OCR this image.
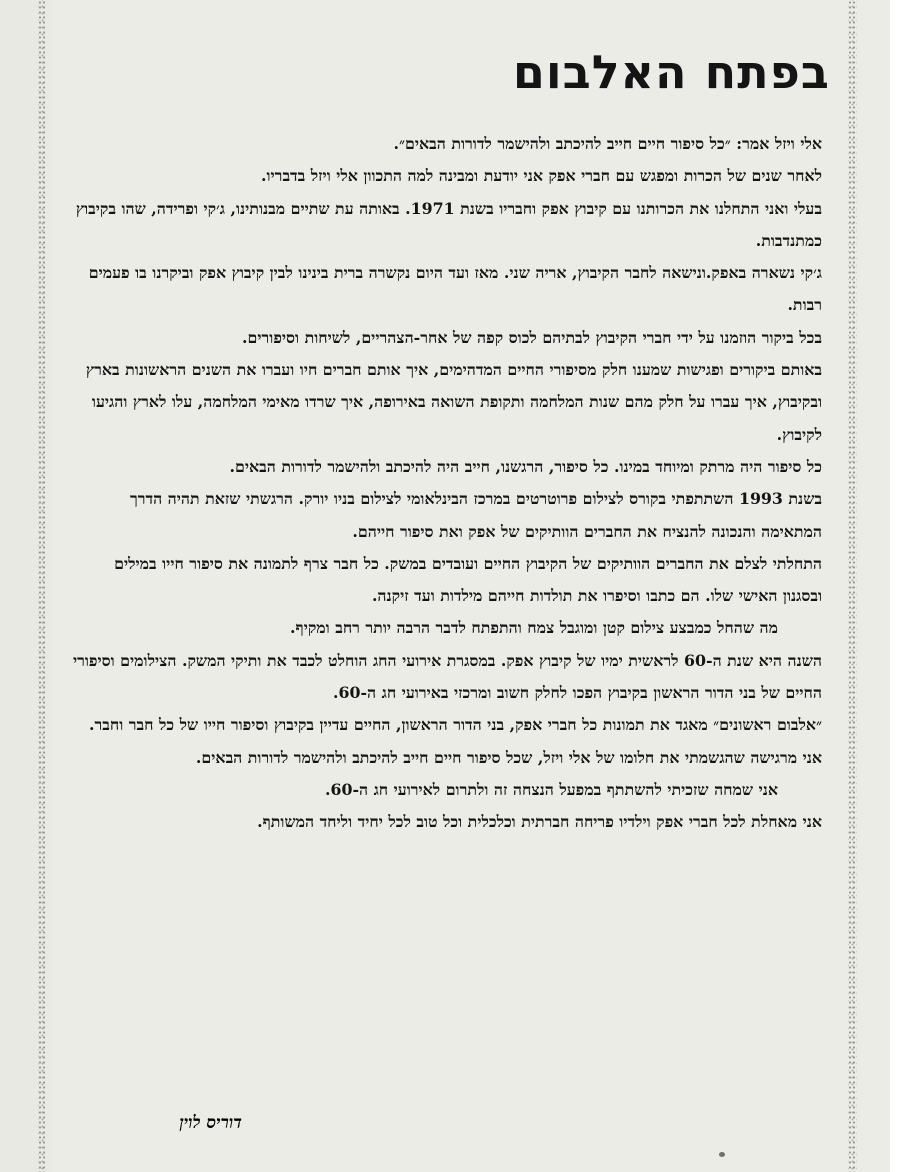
בפתח האלבום

אלי ויזל אמר: ״כל סיפור חיים חייב להיכתב ולהישמר לדורות הבאים״.

לאחר שנים של הכרות ומפגש עם חברי אפק אני יודעת ומבינה למה התכוון אלי ויזל בדבריו.

בעלי ואני התחלנו את הכרותנו עם קיבוץ אפק וחבריו בשנת 1971. באותה עת שתיים מבנותינו, ג׳קי ופרידה, שהו בקיבוץ כמתנדבות.

ג׳קי נשארה באפק.ונישאה לחבר הקיבוץ, אריה שני. מאז ועד היום נקשרה ברית בינינו לבין קיבוץ אפק וביקרנו בו פעמים רבות.

בכל ביקור הוזמנו על ידי חברי הקיבוץ לבתיהם לכוס קפה של אחר-הצהריים, לשיחות וסיפורים.

באותם ביקורים ופגישות שמענו חלק מסיפורי החיים המדהימים, איך אותם חברים חיו ועברו את השנים הראשונות בארץ ובקיבוץ, איך עברו על חלק מהם שנות המלחמה ותקופת השואה באירופה, איך שרדו מאימי המלחמה, עלו לארץ והגיעו לקיבוץ.

כל סיפור היה מרתק ומיוחד במינו. כל סיפור, הרגשנו, חייב היה להיכתב ולהישמר לדורות הבאים.

בשנת 1993 השתתפתי בקורס לצילום פרוטרטים במרכז הבינלאומי לצילום בניו יורק. הרגשתי שזאת תהיה הדרך המתאימה והנכונה להנציח את החברים הוותיקים של אפק ואת סיפור חייהם.

התחלתי לצלם את החברים הוותיקים של הקיבוץ החיים ועובדים במשק. כל חבר צרף לתמונה את סיפור חייו במילים ובסגנון האישי שלו. הם כתבו וסיפרו את תולדות חייהם מילדות ועד זיקנה.

מה שהחל כמבצע צילום קטן ומוגבל צמח והתפתח לדבר הרבה יותר רחב ומקיף.

השנה היא שנת ה-60 לראשית ימיו של קיבוץ אפק. במסגרת אירועי החג הוחלט לכבד את ותיקי המשק. הצילומים וסיפורי החיים של בני הדור הראשון בקיבוץ הפכו לחלק חשוב ומרכזי באירועי חג ה-60.

״אלבום ראשונים״ מאגד את תמונות כל חברי אפק, בני הדור הראשון, החיים עדיין בקיבוץ וסיפור חייו של כל חבר וחבר.

אני מרגישה שהגשמתי את חלומו של אלי ויזל, שכל סיפור חיים חייב להיכתב ולהישמר לדורות הבאים.

אני שמחה שזכיתי להשתתף במפעל הנצחה זה ולתרום לאירועי חג ה-60.

אני מאחלת לכל חברי אפק וילדיו פריחה חברתית וכלכלית וכל טוב לכל יחיד וליחד המשותף.

דוריס לוין
